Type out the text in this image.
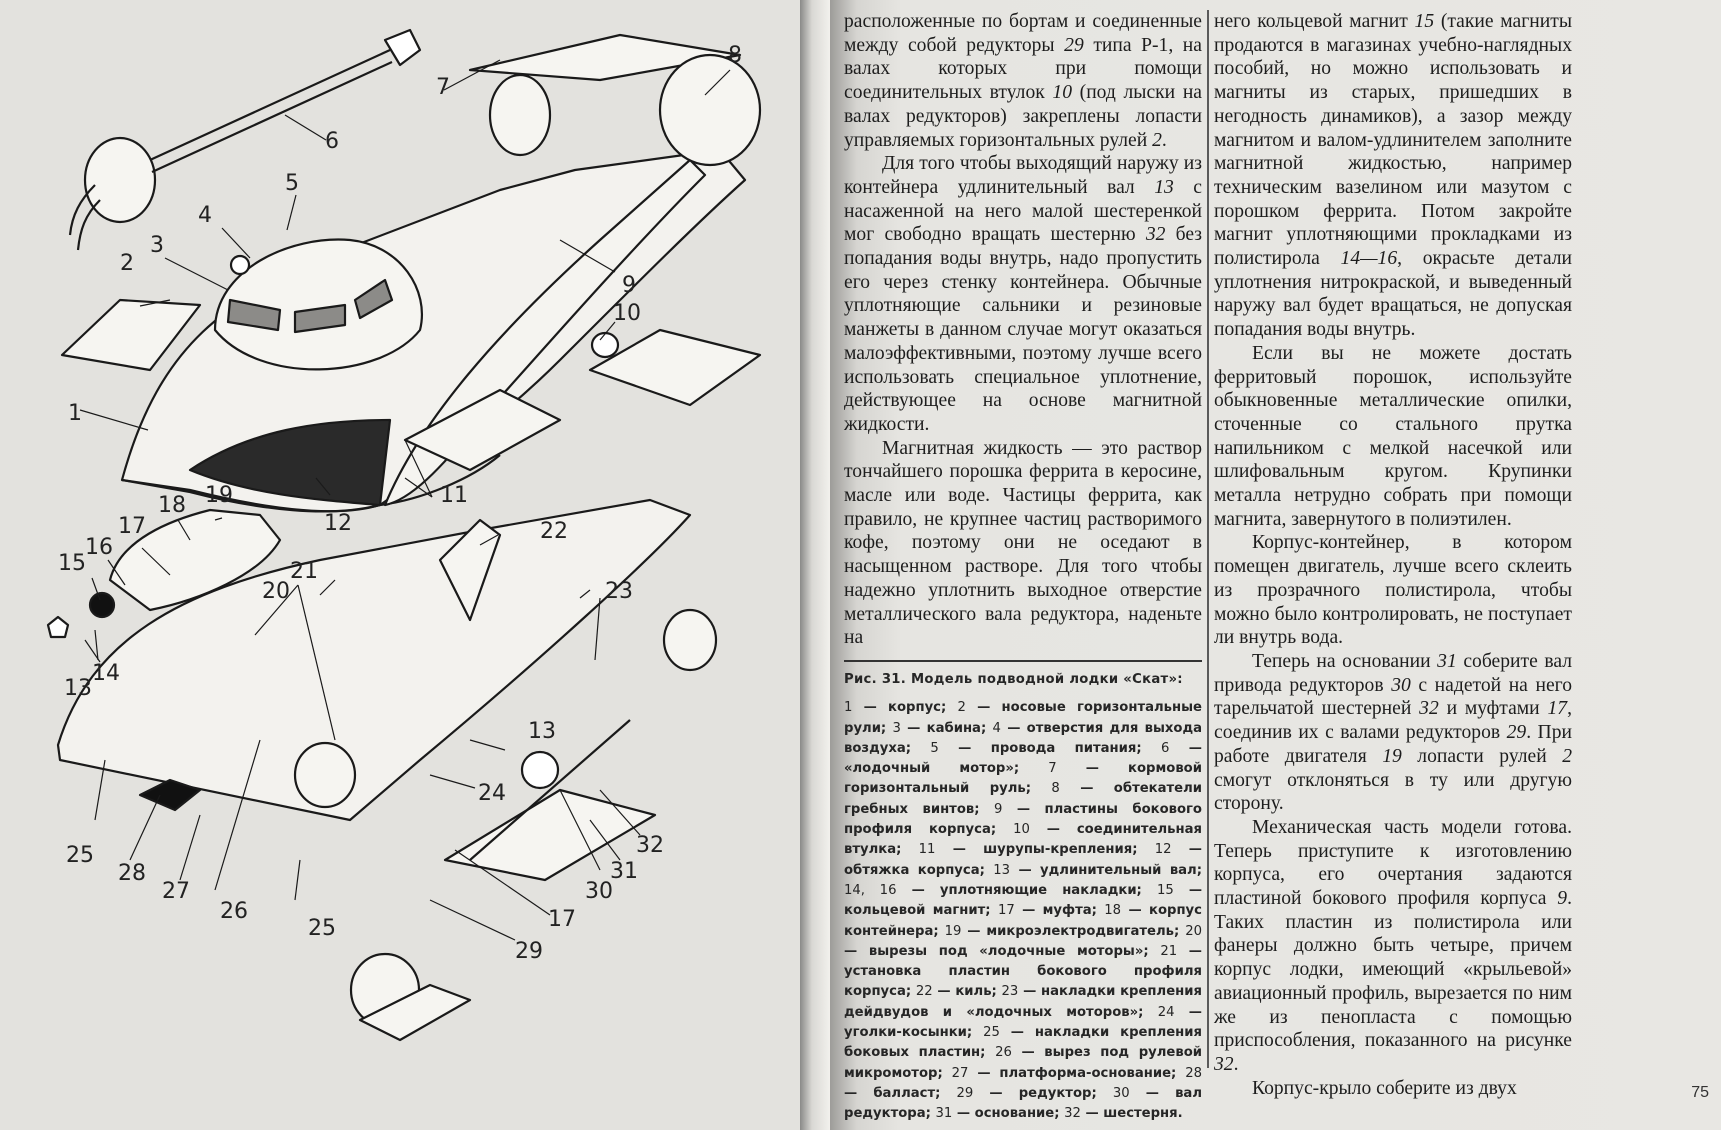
1
2
3
4
5
6
7
8
9
10
11
12
13
14
15
16
17
18 19
20
21
22
23
24
25
25
26
27
28
29
30
31
32
13
17

расположенные по бортам и соединенные между собой редукторы 29 типа Р-1, на валах которых при помощи соединительных втулок 10 (под лыски на валах редукторов) закреплены лопасти управляемых горизонтальных рулей 2.

Для того чтобы выходящий наружу из контейнера удлинительный вал 13 с насаженной на него малой шестеренкой мог свободно вращать шестерню 32 без попадания воды внутрь, надо пропустить его через стенку контейнера. Обычные уплотняющие сальники и резиновые манжеты в данном случае могут оказаться малоэффективными, поэтому лучше всего использовать специальное уплотнение, действующее на основе магнитной жидкости.

Магнитная жидкость — это раствор тончайшего порошка феррита в керосине, масле или воде. Частицы феррита, как правило, не крупнее частиц растворимого кофе, поэтому они не оседают в насыщенном растворе. Для того чтобы надежно уплотнить выходное отверстие металлического вала редуктора, наденьте на

Рис. 31. Модель подводной лодки «Скат»:
1 — корпус; 2 — носовые горизонтальные рули; 3 — кабина; 4 — отверстия для выхода воздуха; 5 — провода питания; 6 — «лодочный мотор»; 7 — кормовой горизонтальный руль; 8 — обтекатели гребных винтов; 9 — пластины бокового профиля корпуса; 10 — соединительная втулка; 11 — шурупы-крепления; 12 — обтяжка корпуса; 13 — удлинительный вал; 14, 16 — уплотняющие накладки; 15 — кольцевой магнит; 17 — муфта; 18 — корпус контейнера; 19 — микроэлектродвигатель; 20 — вырезы под «лодочные моторы»; 21 — установка пластин бокового профиля корпуса; 22 — киль; 23 — накладки крепления дейдвудов и «лодочных моторов»; 24 — уголки-косынки; 25 — накладки крепления боковых пластин; 26 — вырез под рулевой микромотор; 27 — платформа-основание; 28 — балласт; 29 — редуктор; 30 — вал редуктора; 31 — основание; 32 — шестерня.

него кольцевой магнит 15 (такие магниты продаются в магазинах учебно-наглядных пособий, но можно использовать и магниты из старых, пришедших в негодность динамиков), а зазор между магнитом и валом-удлинителем заполните магнитной жидкостью, например техническим вазелином или мазутом с порошком феррита. Потом закройте магнит уплотняющими прокладками из полистирола 14—16, окрасьте детали уплотнения нитрокраской, и выведенный наружу вал будет вращаться, не допуская попадания воды внутрь.

Если вы не можете достать ферритовый порошок, используйте обыкновенные металлические опилки, сточенные со стального прутка напильником с мелкой насечкой или шлифовальным кругом. Крупинки металла нетрудно собрать при помощи магнита, завернутого в полиэтилен.

Корпус-контейнер, в котором помещен двигатель, лучше всего склеить из прозрачного полистирола, чтобы можно было контролировать, не поступает ли внутрь вода.

Теперь на основании 31 соберите вал привода редукторов 30 с надетой на него тарельчатой шестерней 32 и муфтами 17, соединив их с валами редукторов 29. При работе двигателя 19 лопасти рулей 2 смогут отклоняться в ту или другую сторону.

Механическая часть модели готова. Теперь приступите к изготовлению корпуса, его очертания задаются пластиной бокового профиля корпуса 9. Таких пластин из полистирола или фанеры должно быть четыре, причем корпус лодки, имеющий «крыльевой» авиационный профиль, вырезается по ним же из пенопласта с помощью приспособления, показанного на рисунке 32.

Корпус-крыло соберите из двух	75
